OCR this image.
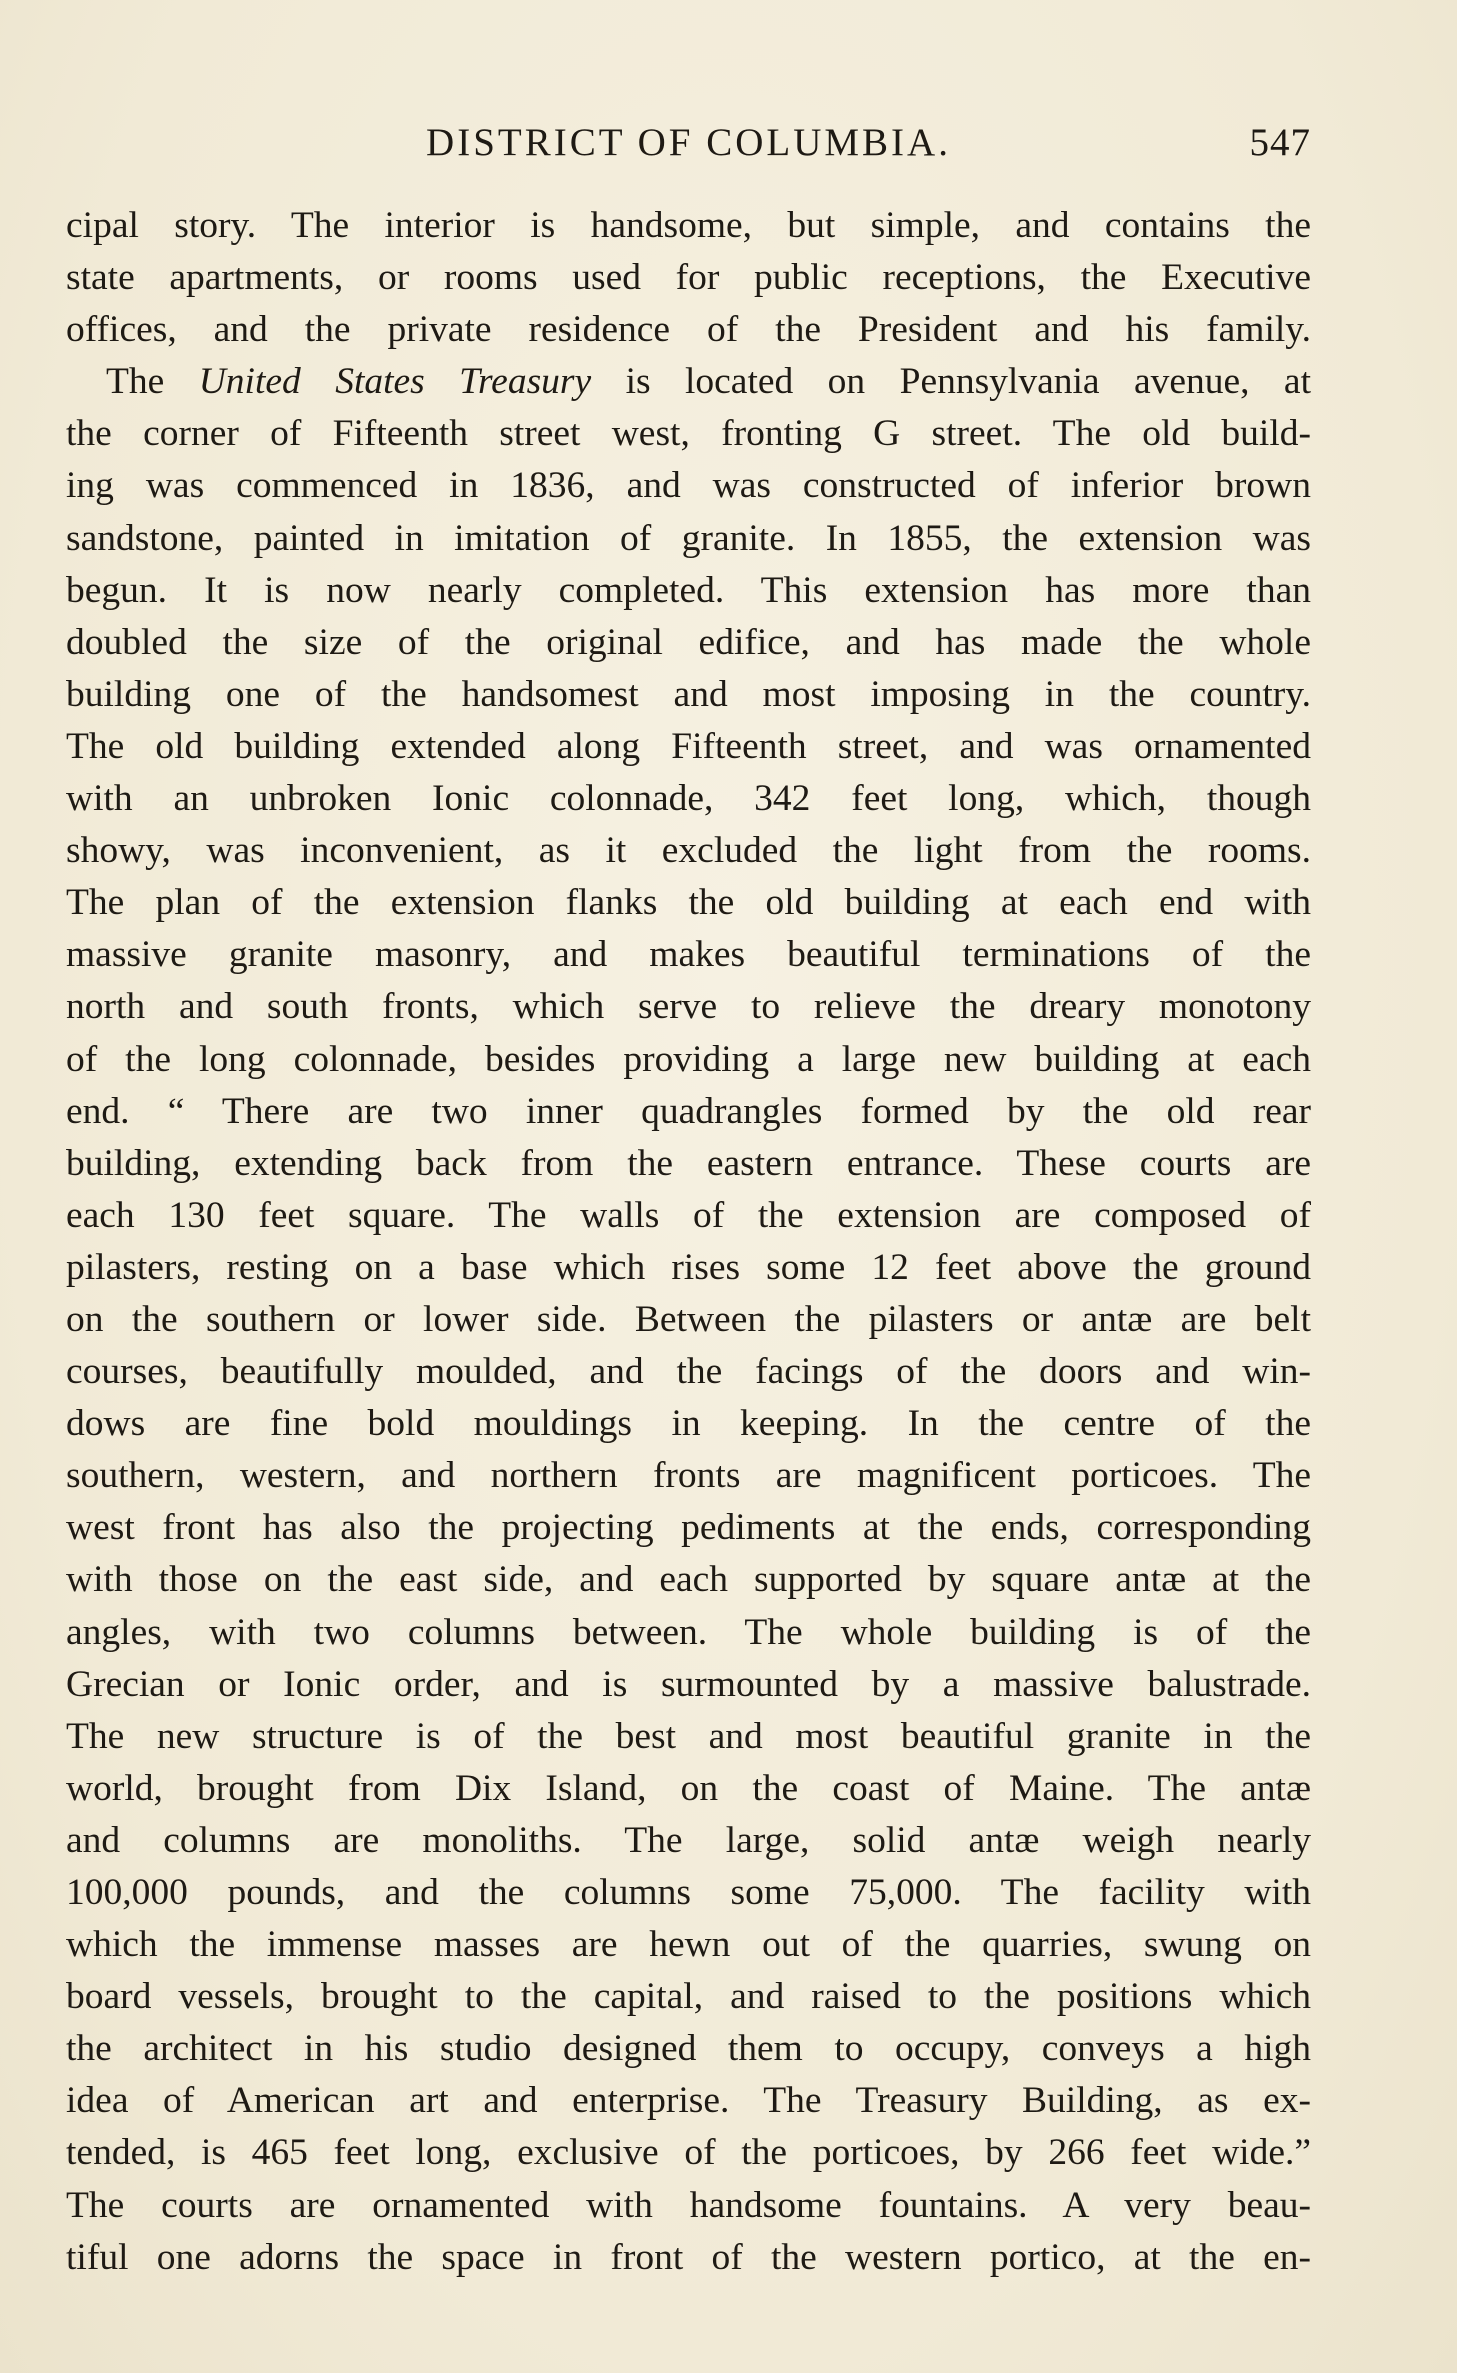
DISTRICT OF COLUMBIA.	547
cipal story. The interior is handsome, but simple, and contains the
state apartments, or rooms used for public receptions, the Executive
offices, and the private residence of the President and his family.
The United States Treasury is located on Pennsylvania avenue, at
the corner of Fifteenth street west, fronting G street. The old build-
ing was commenced in 1836, and was constructed of inferior brown
sandstone, painted in imitation of granite. In 1855, the extension was
begun. It is now nearly completed. This extension has more than
doubled the size of the original edifice, and has made the whole
building one of the handsomest and most imposing in the country.
The old building extended along Fifteenth street, and was ornamented
with an unbroken Ionic colonnade, 342 feet long, which, though
showy, was inconvenient, as it excluded the light from the rooms.
The plan of the extension flanks the old building at each end with
massive granite masonry, and makes beautiful terminations of the
north and south fronts, which serve to relieve the dreary monotony
of the long colonnade, besides providing a large new building at each
end. “ There are two inner quadrangles formed by the old rear
building, extending back from the eastern entrance. These courts are
each 130 feet square. The walls of the extension are composed of
pilasters, resting on a base which rises some 12 feet above the ground
on the southern or lower side. Between the pilasters or antæ are belt
courses, beautifully moulded, and the facings of the doors and win-
dows are fine bold mouldings in keeping. In the centre of the
southern, western, and northern fronts are magnificent porticoes. The
west front has also the projecting pediments at the ends, corresponding
with those on the east side, and each supported by square antæ at the
angles, with two columns between. The whole building is of the
Grecian or Ionic order, and is surmounted by a massive balustrade.
The new structure is of the best and most beautiful granite in the
world, brought from Dix Island, on the coast of Maine. The antæ
and columns are monoliths. The large, solid antæ weigh nearly
100,000 pounds, and the columns some 75,000. The facility with
which the immense masses are hewn out of the quarries, swung on
board vessels, brought to the capital, and raised to the positions which
the architect in his studio designed them to occupy, conveys a high
idea of American art and enterprise. The Treasury Building, as ex-
tended, is 465 feet long, exclusive of the porticoes, by 266 feet wide.”
The courts are ornamented with handsome fountains. A very beau-
tiful one adorns the space in front of the western portico, at the en-
